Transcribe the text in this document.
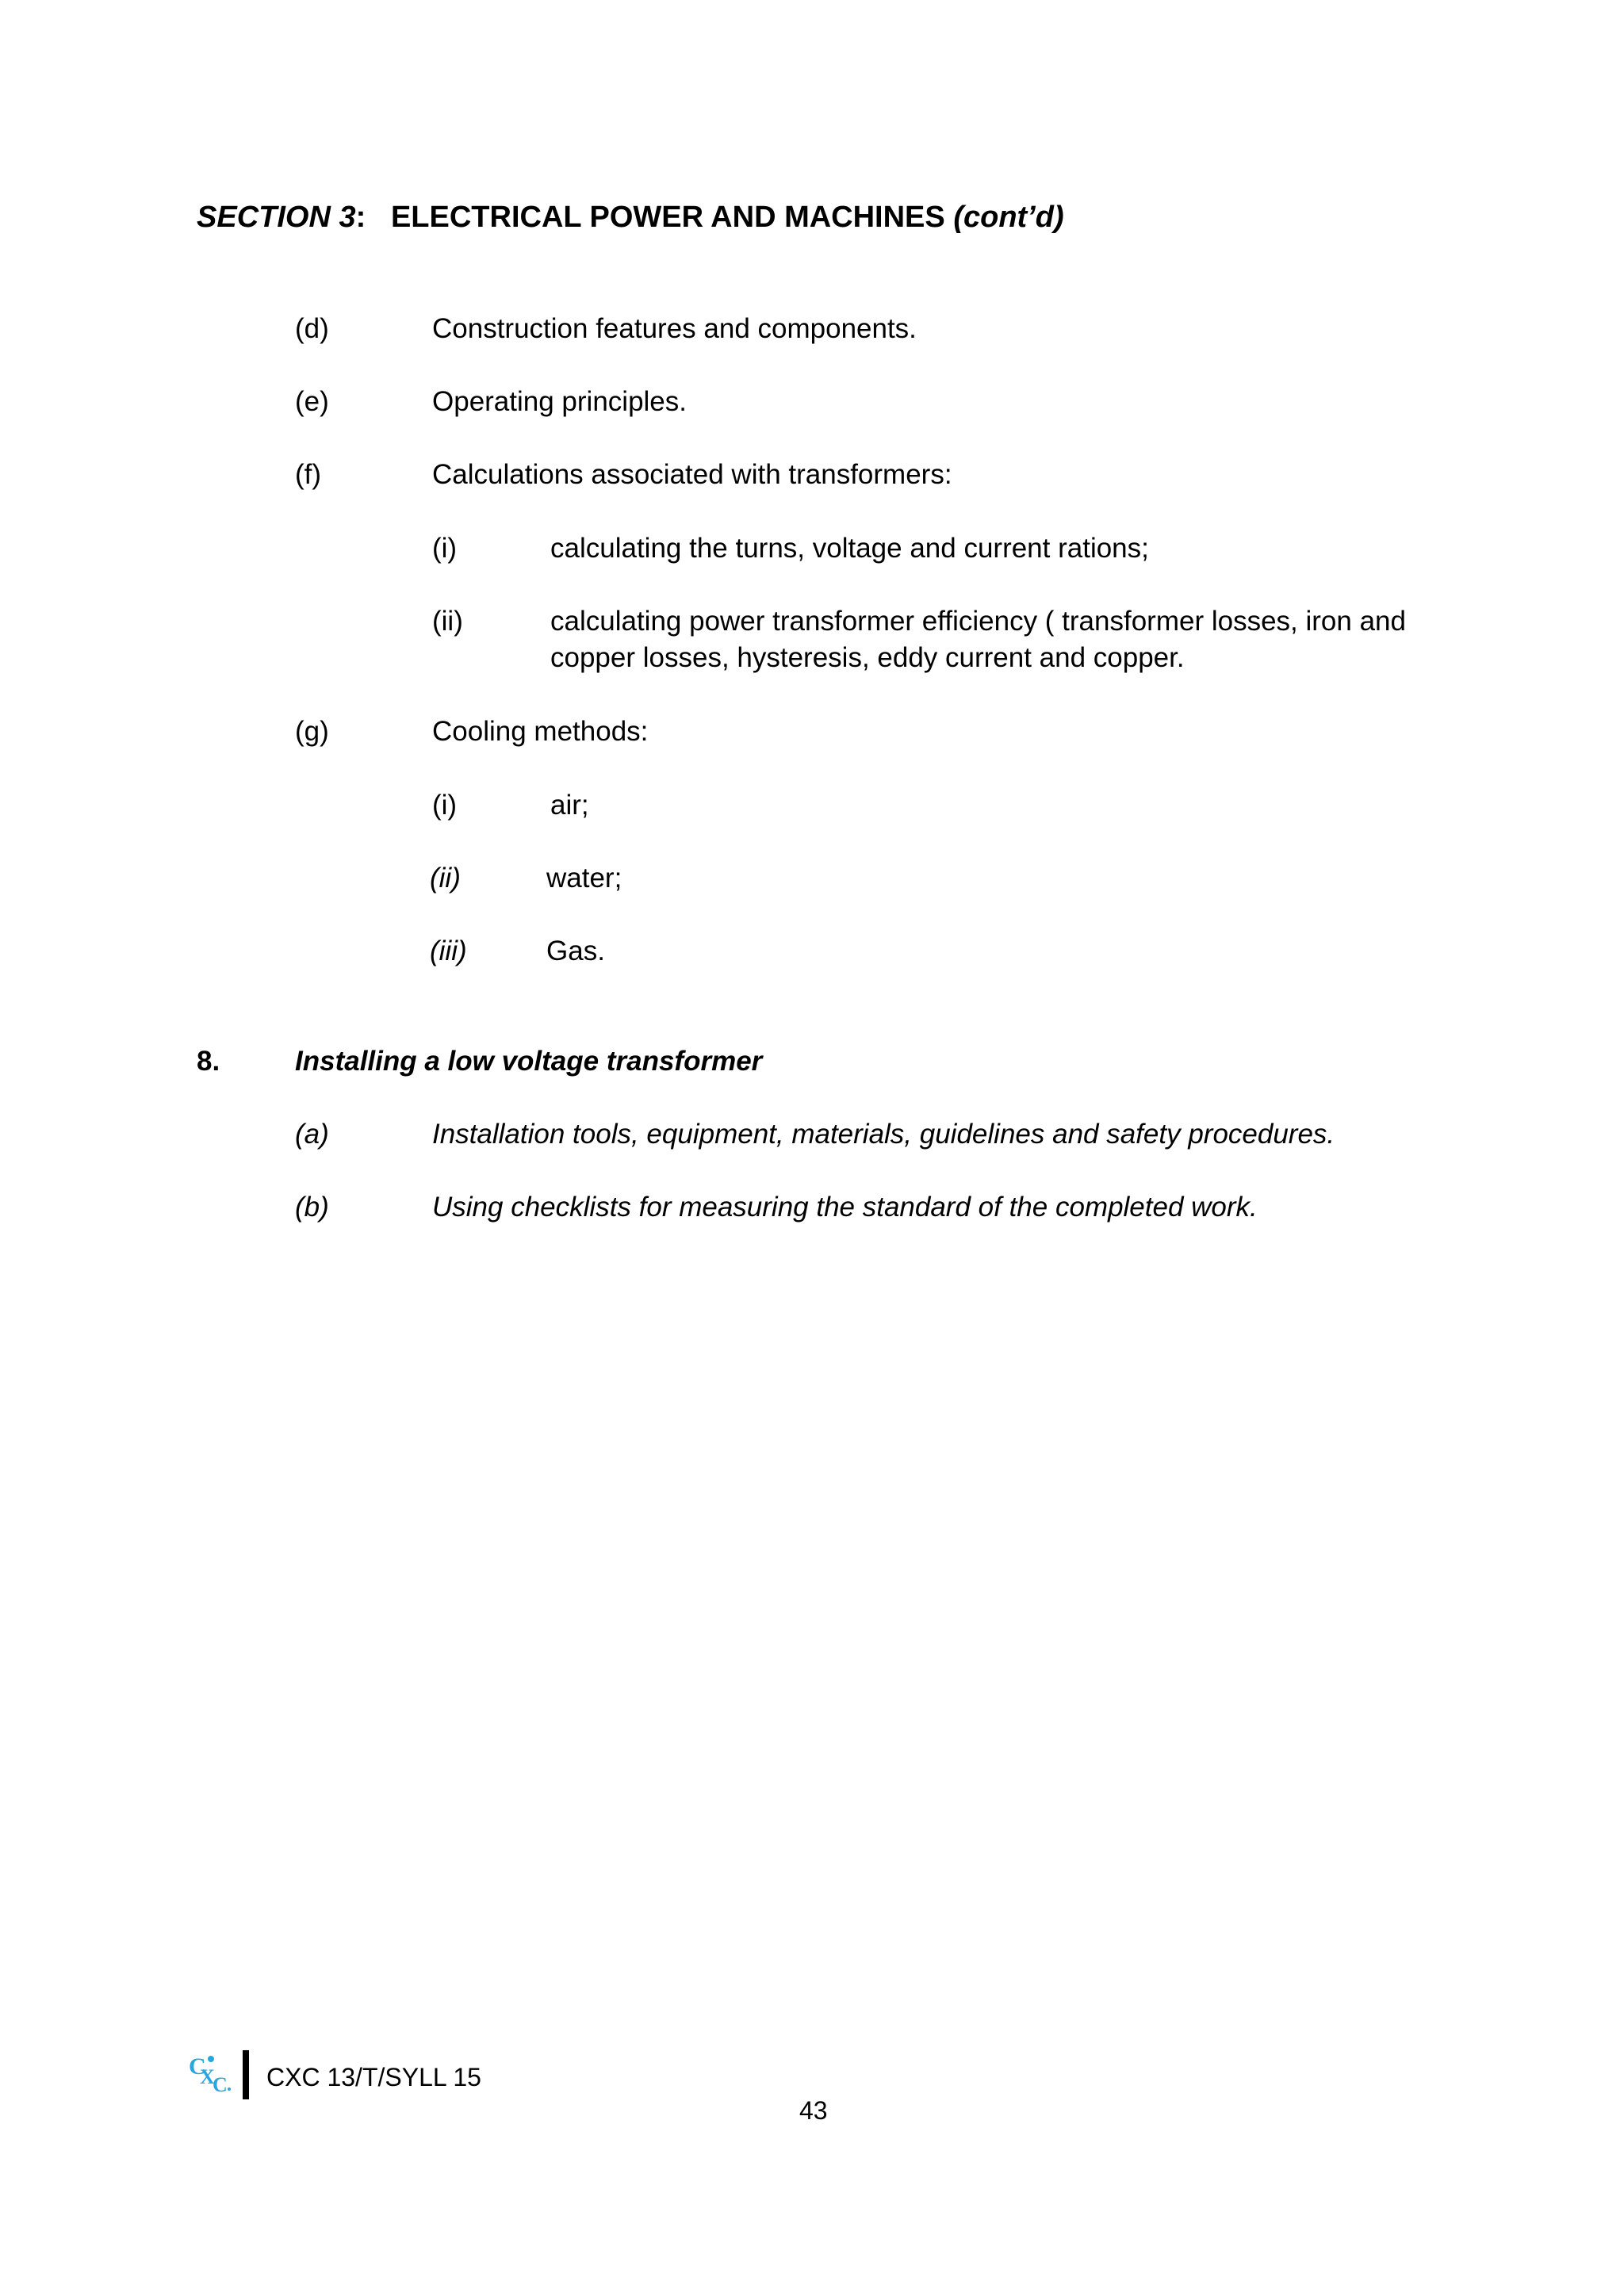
SECTION 3: ELECTRICAL POWER AND MACHINES (cont’d)
(d)	Construction features and components.
(e)	Operating principles.
(f)	Calculations associated with transformers:
(i)	calculating the turns, voltage and current rations;
(ii)	calculating power transformer efficiency ( transformer losses, iron and copper losses, hysteresis, eddy current and copper.
(g)	Cooling methods:
(i)	air;
(ii)	water;
(iii)	Gas.
8.	Installing a low voltage transformer
(a)	Installation tools, equipment, materials, guidelines and safety procedures.
(b)	Using checklists for measuring the standard of the completed work.
C
X
C CXC 13/T/SYLL 15
43
